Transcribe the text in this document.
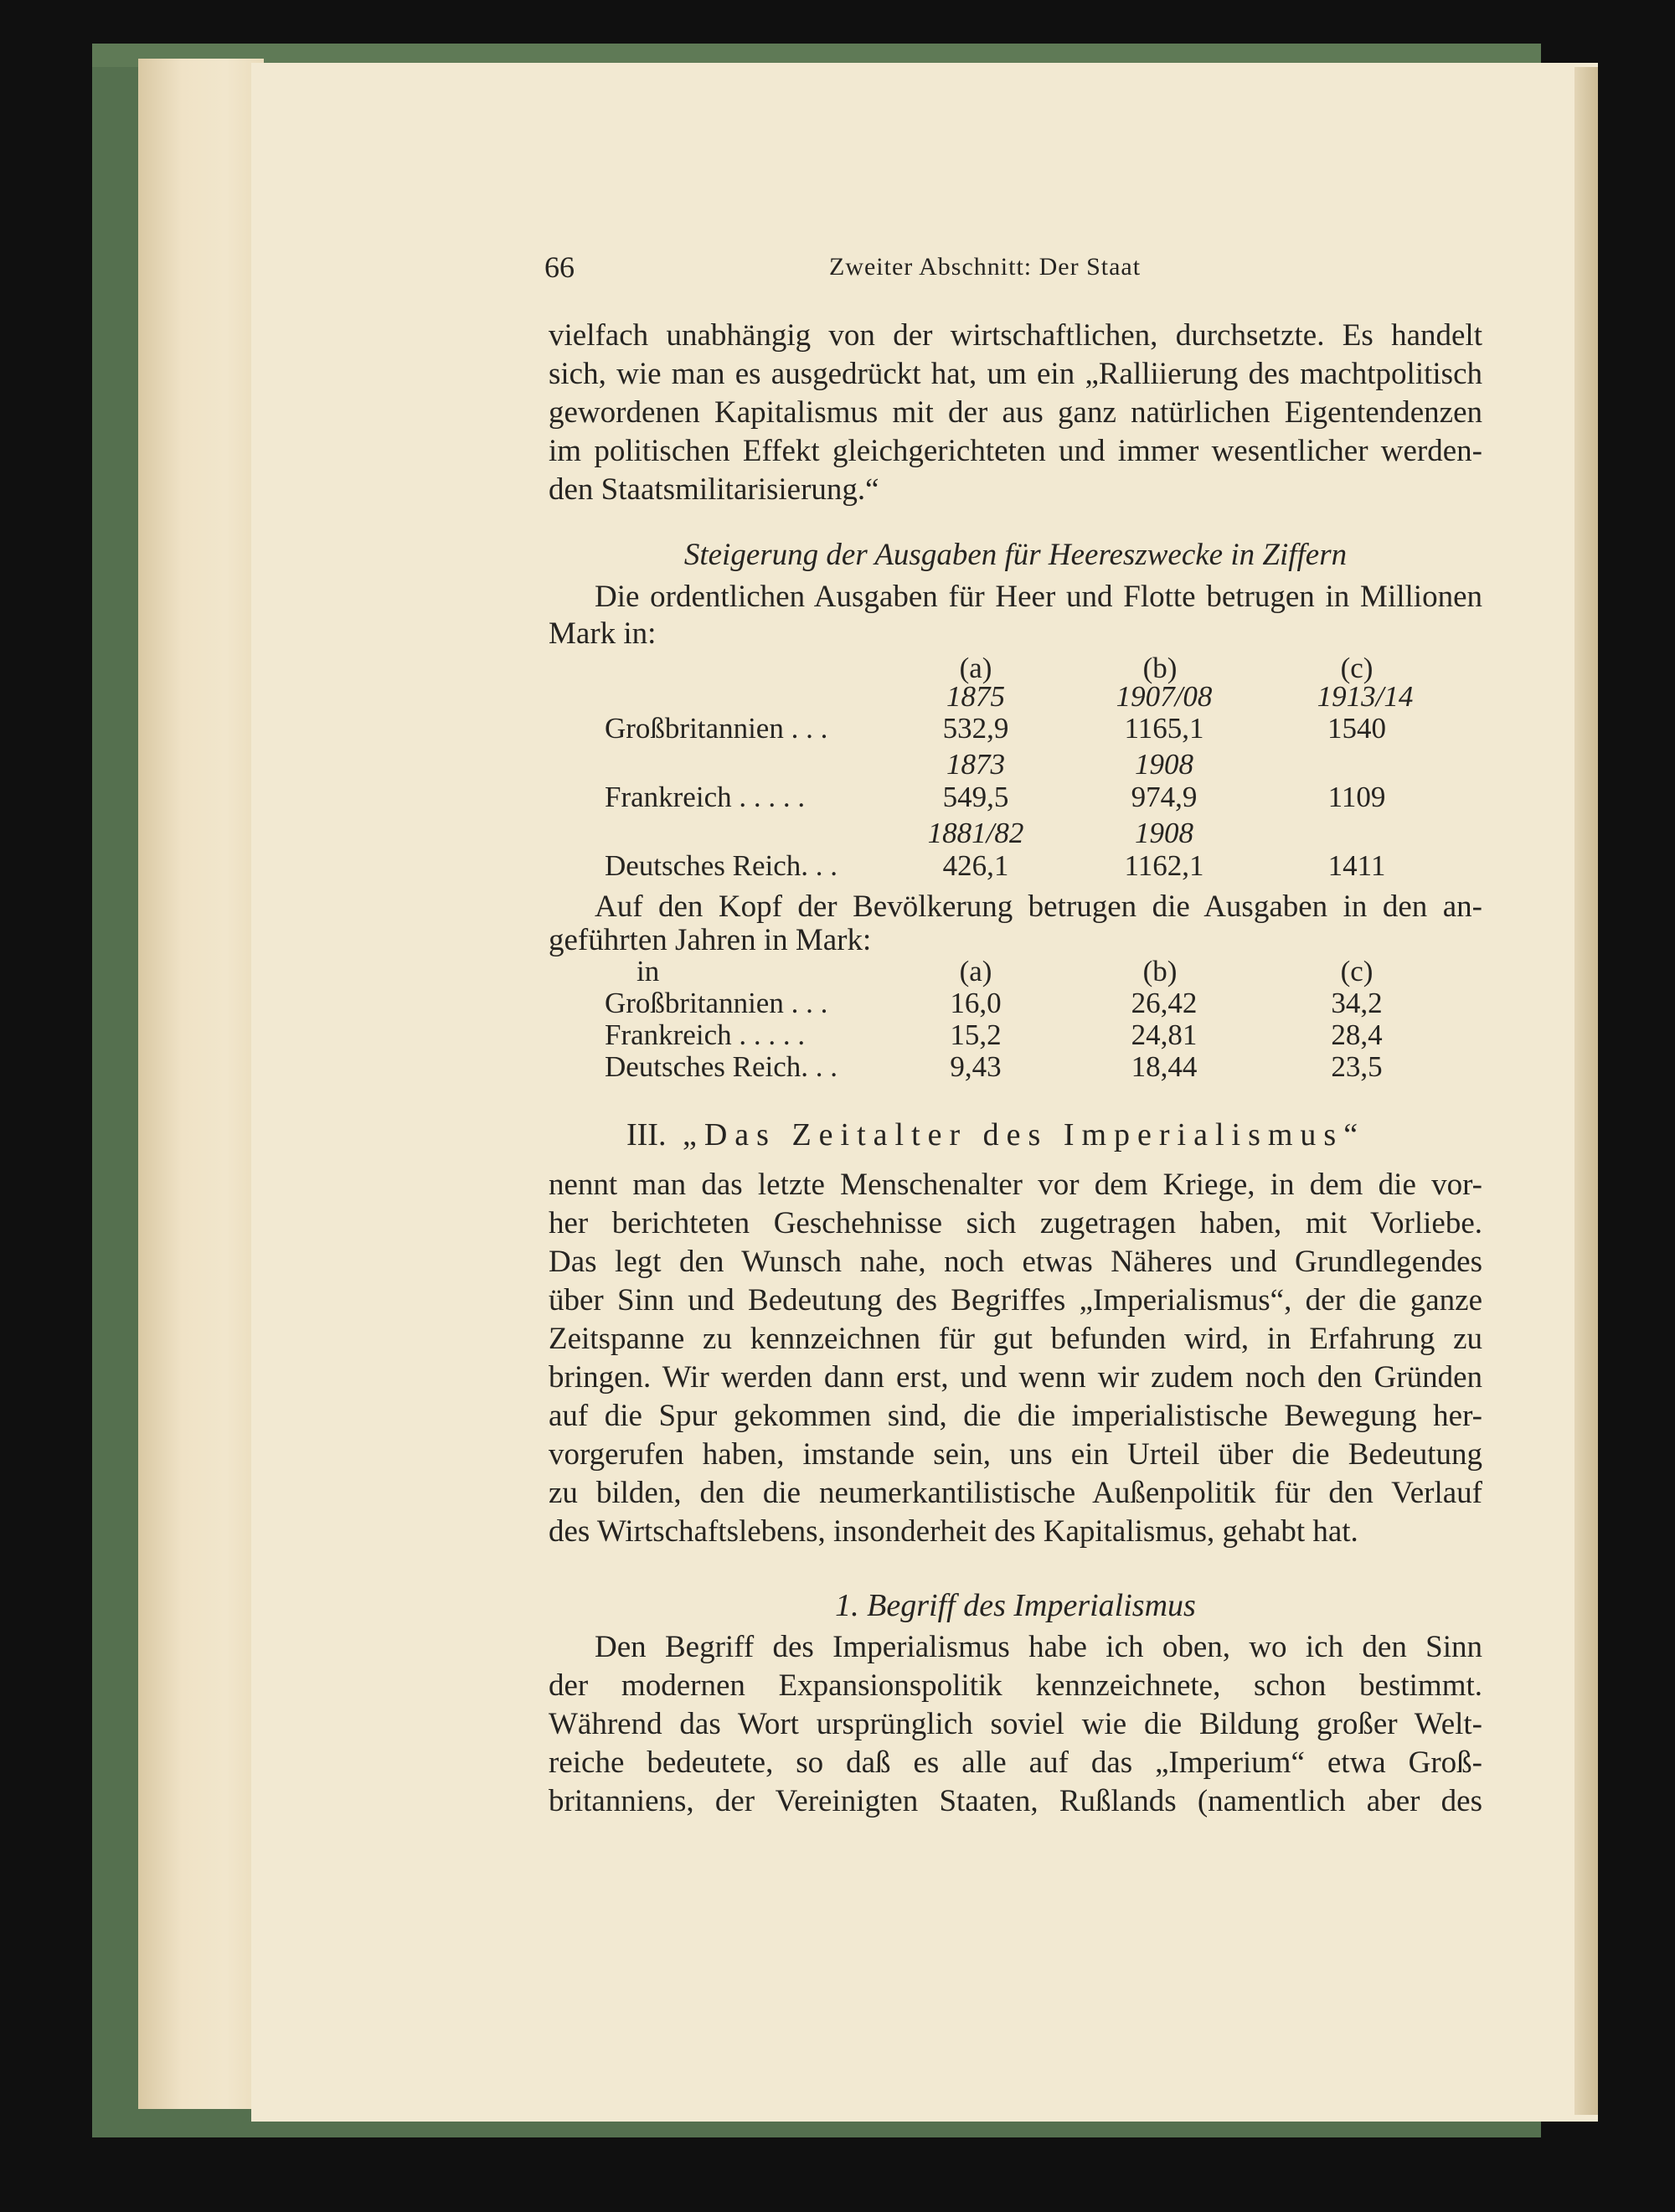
66	Zweiter Abschnitt: Der Staat
vielfach unabhängig von der wirtschaftlichen, durchsetzte. Es handelt
sich, wie man es ausgedrückt hat, um ein „Ralliierung des machtpolitisch
gewordenen Kapitalismus mit der aus ganz natürlichen Eigentendenzen
im politischen Effekt gleichgerichteten und immer wesentlicher werden-
den Staatsmilitarisierung.“
Steigerung der Ausgaben für Heereszwecke in Ziffern
Die ordentlichen Ausgaben für Heer und Flotte betrugen in Millionen
Mark in:
(a)	(b)	(c)
1875	1907/08	1913/14
Großbritannien . . .	532,9	1165,1	1540
1873	1908
Frankreich . . . . .	549,5	974,9	1109
1881/82	1908
Deutsches Reich. . .	426,1	1162,1	1411
Auf den Kopf der Bevölkerung betrugen die Ausgaben in den an-
geführten Jahren in Mark:
in	(a)	(b)	(c)
Großbritannien . . .	16,0	26,42	34,2
Frankreich . . . . .	15,2	24,81	28,4
Deutsches Reich. . .	9,43	18,44	23,5
III. „Das Zeitalter des Imperialismus“
nennt man das letzte Menschenalter vor dem Kriege, in dem die vor-
her berichteten Geschehnisse sich zugetragen haben, mit Vorliebe.
Das legt den Wunsch nahe, noch etwas Näheres und Grundlegendes
über Sinn und Bedeutung des Begriffes „Imperialismus“, der die ganze
Zeitspanne zu kennzeichnen für gut befunden wird, in Erfahrung zu
bringen. Wir werden dann erst, und wenn wir zudem noch den Gründen
auf die Spur gekommen sind, die die imperialistische Bewegung her-
vorgerufen haben, imstande sein, uns ein Urteil über die Bedeutung
zu bilden, den die neumerkantilistische Außenpolitik für den Verlauf
des Wirtschaftslebens, insonderheit des Kapitalismus, gehabt hat.
1. Begriff des Imperialismus
Den Begriff des Imperialismus habe ich oben, wo ich den Sinn
der modernen Expansionspolitik kennzeichnete, schon bestimmt.
Während das Wort ursprünglich soviel wie die Bildung großer Welt-
reiche bedeutete, so daß es alle auf das „Imperium“ etwa Groß-
britanniens, der Vereinigten Staaten, Rußlands (namentlich aber des
